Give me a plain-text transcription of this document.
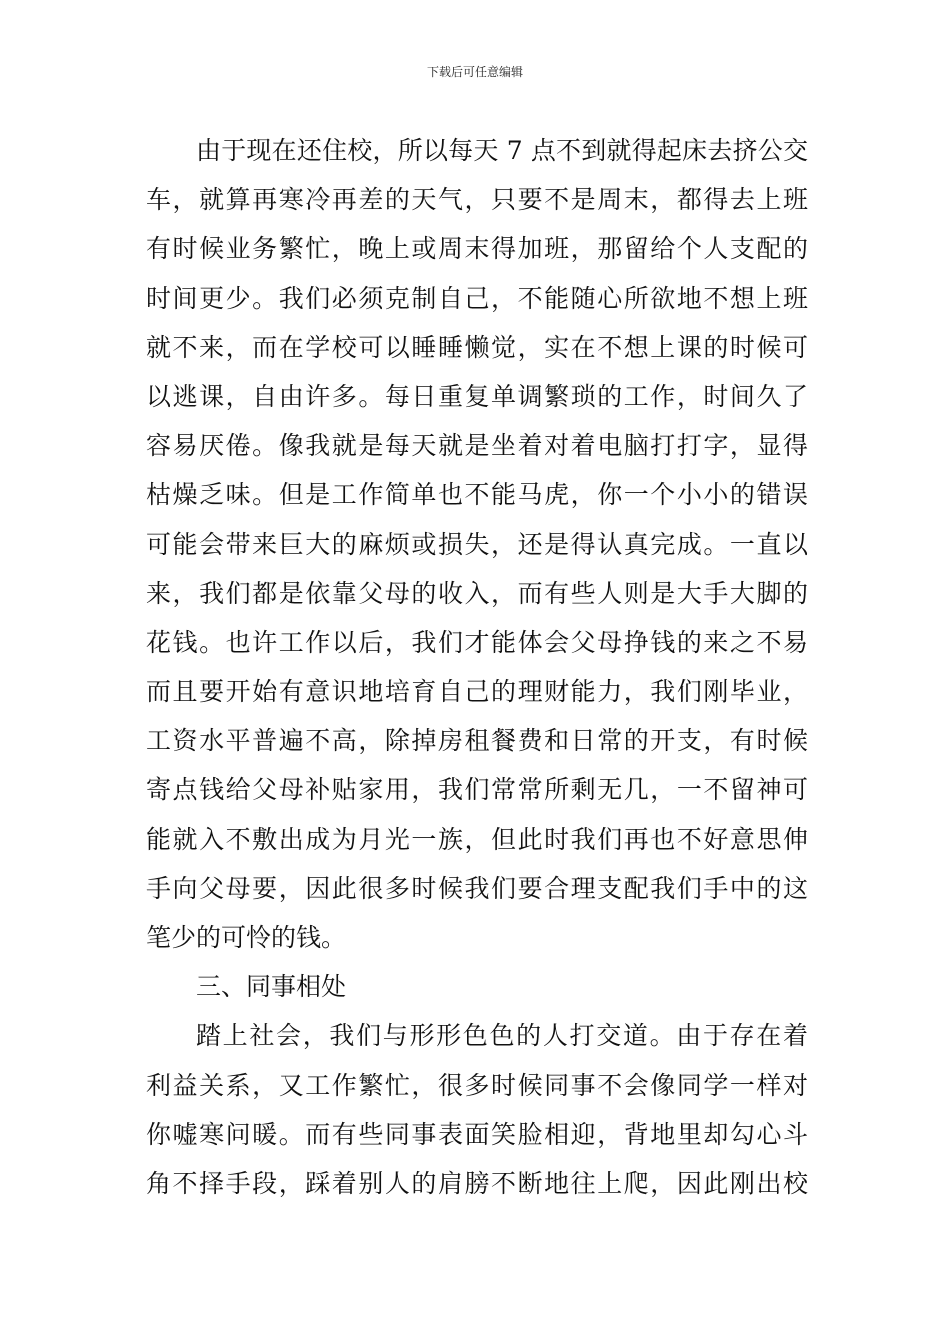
下载后可任意编辑
由于现在还住校，所以每天 7 点不到就得起床去挤公交
车，就算再寒冷再差的天气，只要不是周末，都得去上班
有时候业务繁忙，晚上或周末得加班，那留给个人支配的
时间更少。我们必须克制自己，不能随心所欲地不想上班
就不来，而在学校可以睡睡懒觉，实在不想上课的时候可
以逃课，自由许多。每日重复单调繁琐的工作，时间久了
容易厌倦。像我就是每天就是坐着对着电脑打打字，显得
枯燥乏味。但是工作简单也不能马虎，你一个小小的错误
可能会带来巨大的麻烦或损失，还是得认真完成。一直以
来，我们都是依靠父母的收入，而有些人则是大手大脚的
花钱。也许工作以后，我们才能体会父母挣钱的来之不易
而且要开始有意识地培育自己的理财能力，我们刚毕业，
工资水平普遍不高，除掉房租餐费和日常的开支，有时候
寄点钱给父母补贴家用，我们常常所剩无几，一不留神可
能就入不敷出成为月光一族，但此时我们再也不好意思伸
手向父母要，因此很多时候我们要合理支配我们手中的这
笔少的可怜的钱。
三、同事相处
踏上社会，我们与形形色色的人打交道。由于存在着
利益关系，又工作繁忙，很多时候同事不会像同学一样对
你嘘寒问暖。而有些同事表面笑脸相迎，背地里却勾心斗
角不择手段，踩着别人的肩膀不断地往上爬，因此刚出校
